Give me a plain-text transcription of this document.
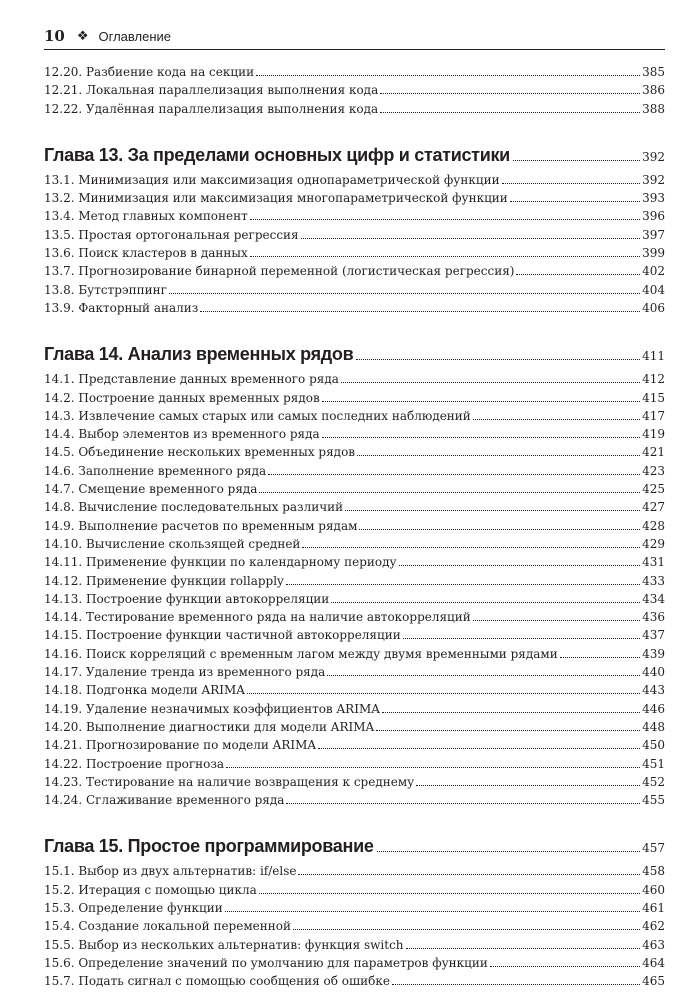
10 ❖ Оглавление
12.20. Разбиение кода на секции	385
12.21. Локальная параллелизация выполнения кода	386
12.22. Удалённая параллелизация выполнения кода	388
Глава 13. За пределами основных цифр и статистики	392
13.1. Минимизация или максимизация однопараметрической функции	392
13.2. Минимизация или максимизация многопараметрической функции	393
13.4. Метод главных компонент	396
13.5. Простая ортогональная регрессия	397
13.6. Поиск кластеров в данных	399
13.7. Прогнозирование бинарной переменной (логистическая регрессия)	402
13.8. Бутстрэппинг	404
13.9. Факторный анализ	406
Глава 14. Анализ временных рядов	411
14.1. Представление данных временного ряда	412
14.2. Построение данных временных рядов	415
14.3. Извлечение самых старых или самых последних наблюдений	417
14.4. Выбор элементов из временного ряда	419
14.5. Объединение нескольких временных рядов	421
14.6. Заполнение временного ряда	423
14.7. Смещение временного ряда	425
14.8. Вычисление последовательных различий	427
14.9. Выполнение расчетов по временным рядам	428
14.10. Вычисление скользящей средней	429
14.11. Применение функции по календарному периоду	431
14.12. Применение функции rollapply	433
14.13. Построение функции автокорреляции	434
14.14. Тестирование временного ряда на наличие автокорреляций	436
14.15. Построение функции частичной автокорреляции	437
14.16. Поиск корреляций с временным лагом между двумя временными рядами	439
14.17. Удаление тренда из временного ряда	440
14.18. Подгонка модели ARIMA	443
14.19. Удаление незначимых коэффициентов ARIMA	446
14.20. Выполнение диагностики для модели ARIMA	448
14.21. Прогнозирование по модели ARIMA	450
14.22. Построение прогноза	451
14.23. Тестирование на наличие возвращения к среднему	452
14.24. Сглаживание временного ряда	455
Глава 15. Простое программирование	457
15.1. Выбор из двух альтернатив: if/else	458
15.2. Итерация с помощью цикла	460
15.3. Определение функции	461
15.4. Создание локальной переменной	462
15.5. Выбор из нескольких альтернатив: функция switch	463
15.6. Определение значений по умолчанию для параметров функции	464
15.7. Подать сигнал с помощью сообщения об ошибке	465
